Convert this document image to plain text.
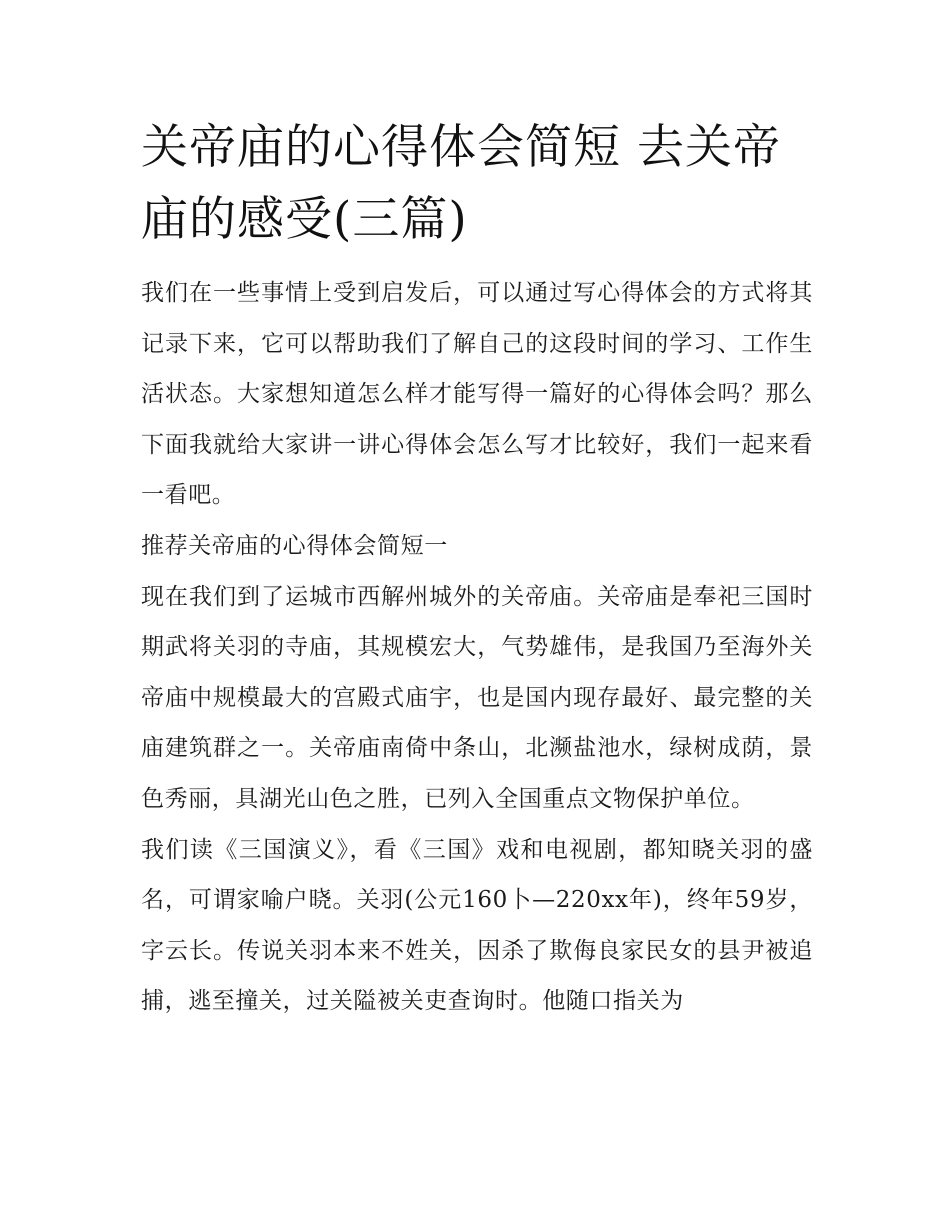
关帝庙的心得体会简短 去关帝庙的感受(三篇)

我们在一些事情上受到启发后，可以通过写心得体会的方式将其记录下来，它可以帮助我们了解自己的这段时间的学习、工作生活状态。大家想知道怎么样才能写得一篇好的心得体会吗？那么下面我就给大家讲一讲心得体会怎么写才比较好，我们一起来看一看吧。

推荐关帝庙的心得体会简短一

现在我们到了运城市西解州城外的关帝庙。关帝庙是奉祀三国时期武将关羽的寺庙，其规模宏大，气势雄伟，是我国乃至海外关帝庙中规模最大的宫殿式庙宇，也是国内现存最好、最完整的关庙建筑群之一。关帝庙南倚中条山，北濒盐池水，绿树成荫，景色秀丽，具湖光山色之胜，已列入全国重点文物保护单位。

我们读《三国演义》，看《三国》戏和电视剧，都知晓关羽的盛名，可谓家喻户晓。关羽(公元160卜—220xx年)，终年59岁，字云长。传说关羽本来不姓关，因杀了欺侮良家民女的县尹被追捕，逃至撞关，过关隘被关吏查询时。他随口指关为
